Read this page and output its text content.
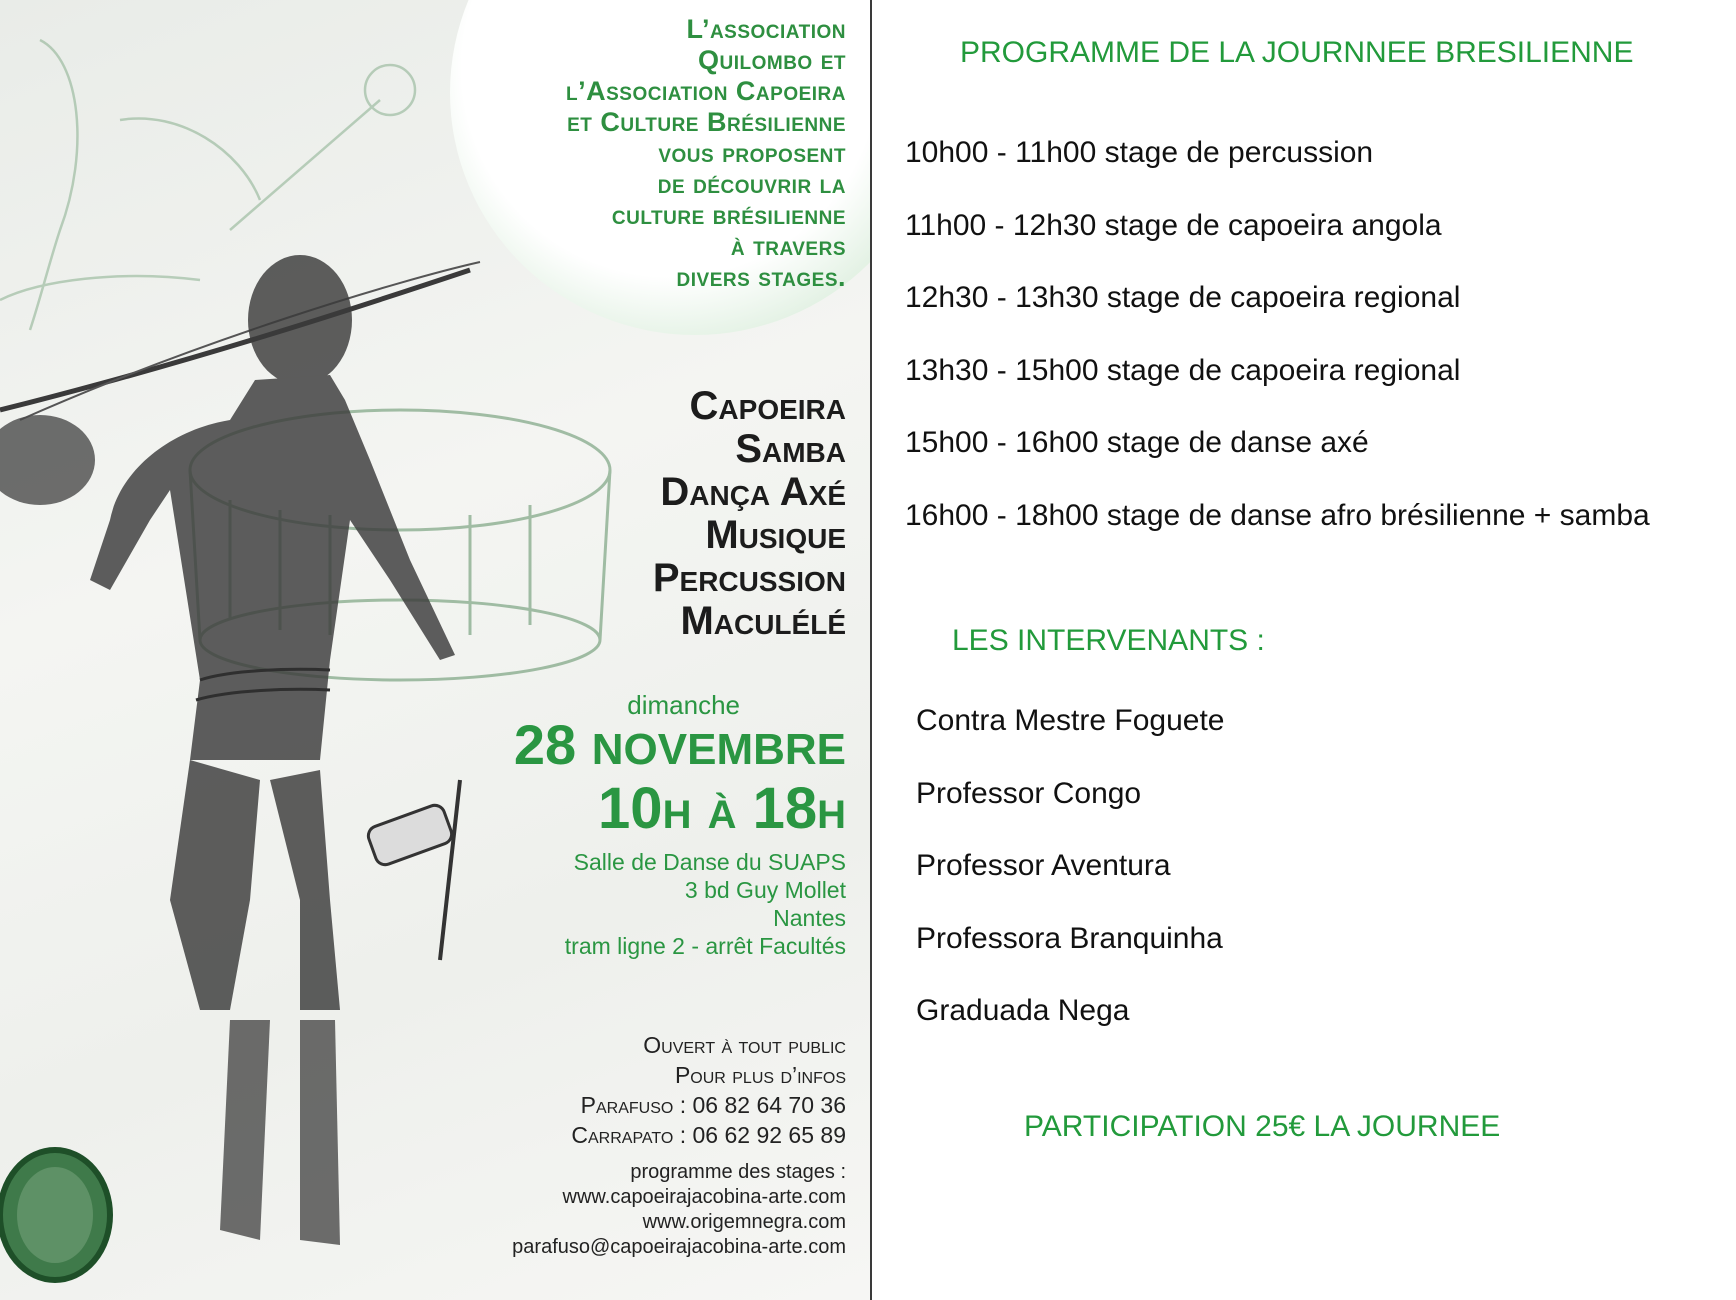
L’association
Quilombo et
l’Association Capoeira
et Culture Brésilienne
vous proposent
de découvrir la
culture brésilienne
à travers
divers stages.
Capoeira
Samba
Dança Axé
Musique
Percussion
Maculélé
dimanche
28 NOVEMBRE
10H À 18H
Salle de Danse du SUAPS
3 bd Guy Mollet
Nantes
tram ligne 2 - arrêt Facultés
Ouvert à tout public
Pour plus d’infos
Parafuso : 06 82 64 70 36
Carrapato : 06 62 92 65 89
programme des stages :
www.capoeirajacobina-arte.com
www.origemnegra.com
parafuso@capoeirajacobina-arte.com
PROGRAMME DE LA JOURNNEE BRESILIENNE
10h00 - 11h00 stage de percussion
11h00 - 12h30 stage de capoeira angola
12h30 - 13h30 stage de capoeira regional
13h30 - 15h00 stage de capoeira regional
15h00 - 16h00 stage de danse axé
16h00 - 18h00 stage de danse afro brésilienne + samba
LES INTERVENANTS :
Contra Mestre Foguete
Professor Congo
Professor Aventura
Professora Branquinha
Graduada Nega
PARTICIPATION 25€ LA JOURNEE
